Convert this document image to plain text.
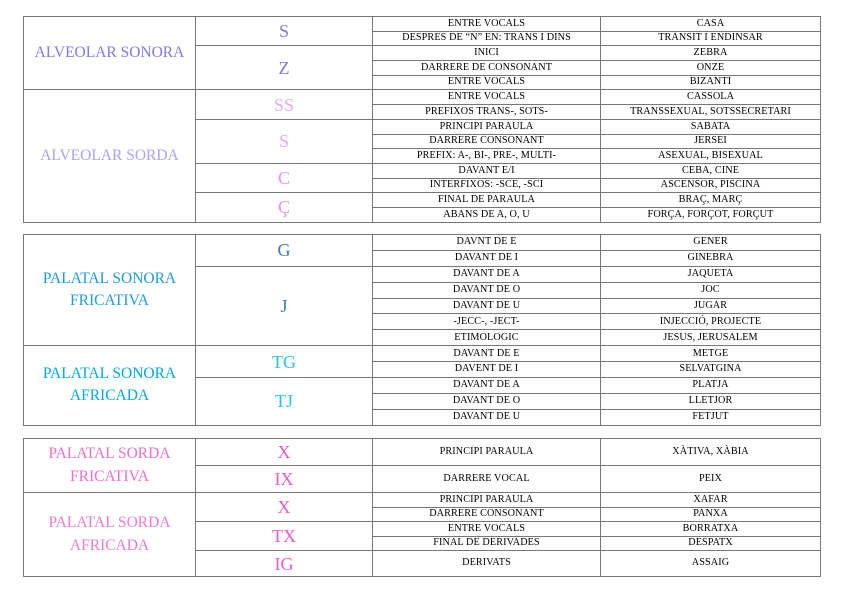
ALVEOLAR SONORA	S	ENTRE VOCALS	CASA
		DESPRES DE “N” EN: TRANS I DINS	TRÀNSIT I ENDINSAR
	Z	INICI	ZEBRA
		DARRERE DE CONSONANT	ONZE
		ENTRE VOCALS	BIZANTÍ
ALVEOLAR SORDA	SS	ENTRE VOCALS	CASSOLA
		PREFIXOS TRANS-, SOTS-	TRANSSEXUAL, SOTSSECRETARI
	S	PRINCIPI PARAULA	SABATA
		DARRERE CONSONANT	JERSEI
		PREFIX: A-, BI-, PRE-, MULTI-	ASEXUAL, BISEXUAL
	C	DAVANT E/I	CEBA, CINE
		INTERFIXOS: -SCE, -SCI	ASCENSOR, PISCINA
	Ç	FINAL DE PARAULA	BRAÇ, MARÇ
		ABANS DE A, O, U	FORÇA, FORÇOT, FORÇUT
PALATAL SONORA FRICATIVA	G	DAVNT DE E	GENER
		DAVANT DE I	GINEBRA
	J	DAVANT DE A	JAQUETA
		DAVANT DE O	JOC
		DAVANT DE U	JUGAR
		-JECC-, -JECT-	INJECCIÓ, PROJECTE
		ETIMOLOGIC	JESUS, JERUSALEM
PALATAL SONORA AFRICADA	TG	DAVANT DE E	METGE
		DAVENT DE I	SELVATGINA
	TJ	DAVANT DE A	PLATJA
		DAVANT DE O	LLETJOR
		DAVANT DE U	FETJUT
PALATAL SORDA FRICATIVA	X	PRINCIPI PARAULA	XÀTIVA, XÀBIA
	IX	DARRERE VOCAL	PEIX
PALATAL SORDA AFRICADA	X	PRINCIPI PARAULA	XAFAR
		DARRERE CONSONANT	PANXA
	TX	ENTRE VOCALS	BORRATXA
		FINAL DE DERIVADES	DESPATX
	IG	DERIVATS	ASSAIG
